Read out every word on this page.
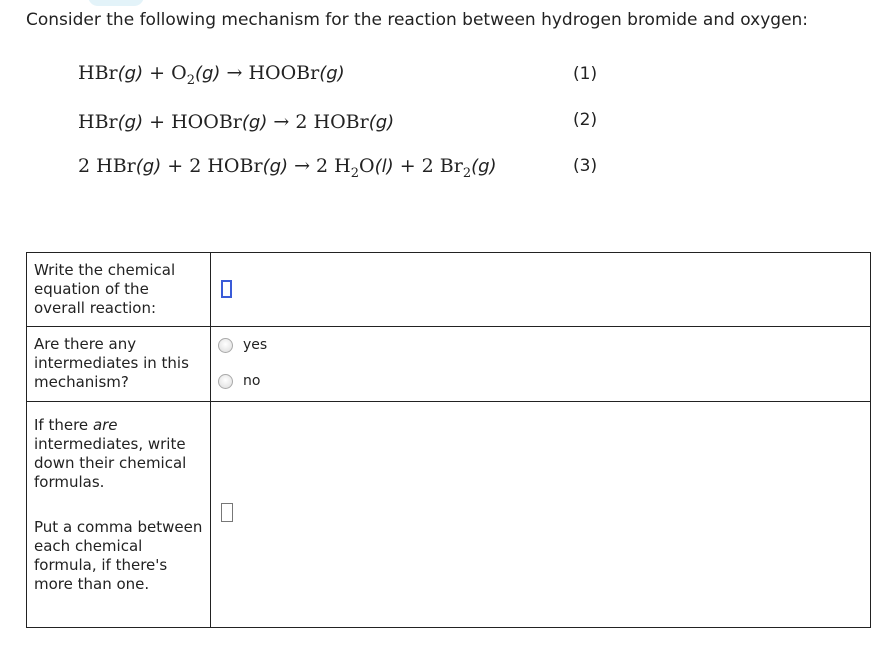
Consider the following mechanism for the reaction between hydrogen bromide and oxygen:
$HBr(g) + O_2(g)$ → HOOBr(g)	(1)
HBr(g) + HOOBr(g) → 2 HOBr(g)	(2)
2 HBr(g) + 2 HOBr(g) → 2 $H_2O(l) + 2$ $Br_2(g)$	(3)
Write the chemical equation of the overall reaction:	
Are there any intermediates in this mechanism?	yes
no

If there are intermediates, write down their chemical formulas.
Put a comma between each chemical formula, if there's more than one.	
